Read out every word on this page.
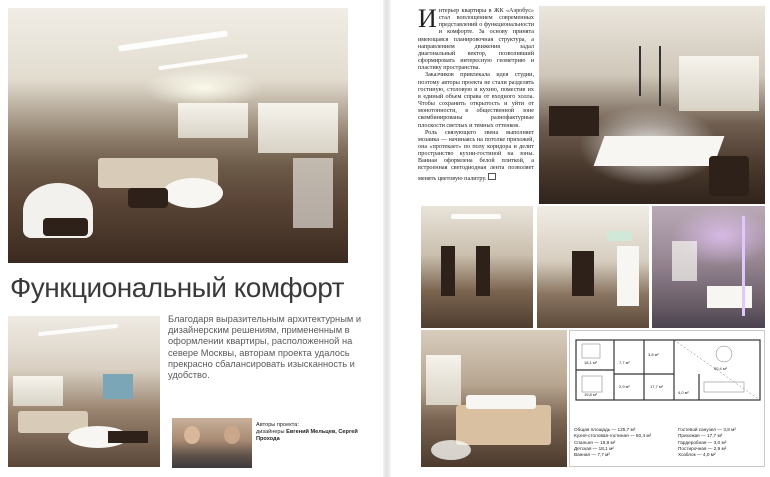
Функциональный комфорт
Благодаря выразительным архитектурным и дизайнерским решениям, примененным в оформлении квартиры, расположенной на севере Москвы, авторам проекта удалось прекрасно сбалансировать изысканность и удобство.
Авторы проекта:
дизайнеры Евгений Мельцев, Сергей Прохода

И нтерьер квартиры в ЖК «Аэробус» стал воплощением современных представлений о функциональности и комфорте. За основу принята имеющаяся планировочная структура, а направлением движения задал диагональный вектор, позволивший сформировать интересную геометрию и пластику пространства.

Заказчиков привлекала идея студии, поэтому авторы проекта не стали разделять гостиную, столовую и кухню, поместив их в единый объем справа от входного холла. Чтобы сохранить открытость и уйти от монотонности, в общественной зоне скомбинированы разнофактурные плоскости светлых и темных оттенков.

Роль связующего звена выполняет мозаика — начинаясь на потолке прихожей, она «протекает» по полу коридора и делит пространство кухни-гостиной на зоны. Ванная оформлена белой плиткой, а встроенная светодиодная лента позволяет менять цветовую палитру.

18,1 м²
19,8 м²
50,4 м²
7,7 м²
17,7 м²
3,8 м²
2,9 м²
4,0 м²
Общая площадь — 125,7 м²
Кухня-столовая-гостиная — 50,4 м²
Спальня — 19,8 м²
Детская — 18,1 м²
Ванная — 7,7 м²
Гостевой санузел — 3,8 м²
Прихожая — 17,7 м²
Гардеробная — 3,0 м²
Постирочная — 2,9 м²
Хозблок — 4,0 м²
